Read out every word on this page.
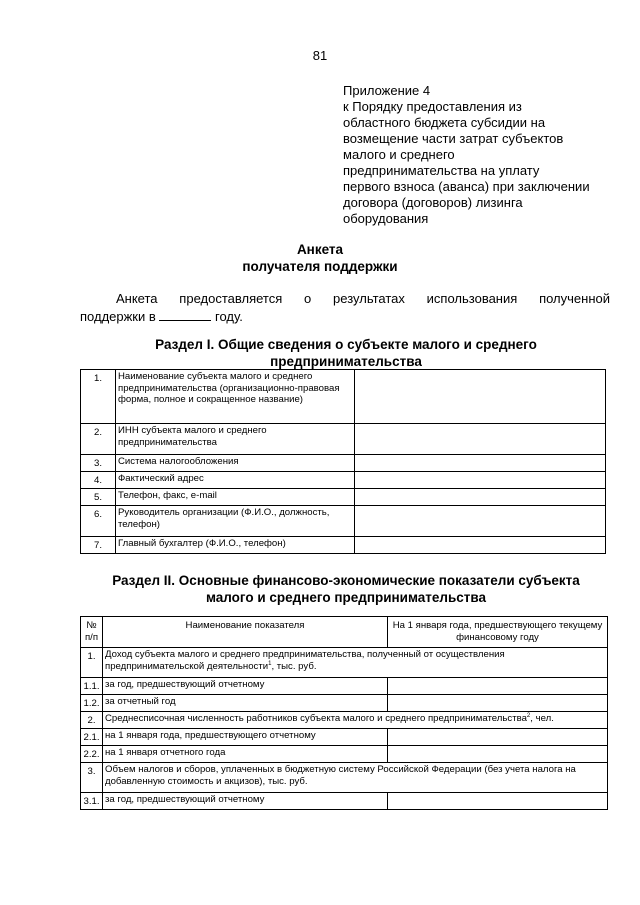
81
Приложение 4
к Порядку предоставления из
областного бюджета субсидии на
возмещение части затрат субъектов
малого и среднего
предпринимательства на уплату
первого взноса (аванса) при заключении
договора (договоров) лизинга
оборудования
Анкета
получателя поддержки
Анкета предоставляется о результатах использования полученной
поддержки в	году.
Раздел I. Общие сведения о субъекте малого и среднего
предпринимательства
1.	Наименование субъекта малого и среднего предпринимательства (организационно-правовая форма, полное и сокращенное название)	
2.	ИНН субъекта малого и среднего предпринимательства	
3.	Система налогообложения	
4.	Фактический адрес	
5.	Телефон, факс, e-mail	
6.	Руководитель организации (Ф.И.О., должность, телефон)	
7.	Главный бухгалтер (Ф.И.О., телефон)	
Раздел II. Основные финансово-экономические показатели субъекта
малого и среднего предпринимательства
№ п/п	Наименование показателя	На 1 января года, предшествующего текущему финансовому году
1.	Доход субъекта малого и среднего предпринимательства, полученный от осуществления предпринимательской деятельности$^1$, тыс. руб.	
1.1.	за год, предшествующий отчетному	
1.2.	за отчетный год	
2.	Среднесписочная численность работников субъекта малого и среднего предпринимательства$^2$, чел.	
2.1.	на 1 января года, предшествующего отчетному	
2.2.	на 1 января отчетного года	
3.	Объем налогов и сборов, уплаченных в бюджетную систему Российской Федерации (без учета налога на добавленную стоимость и акцизов), тыс. руб.	
3.1.	за год, предшествующий отчетному	
